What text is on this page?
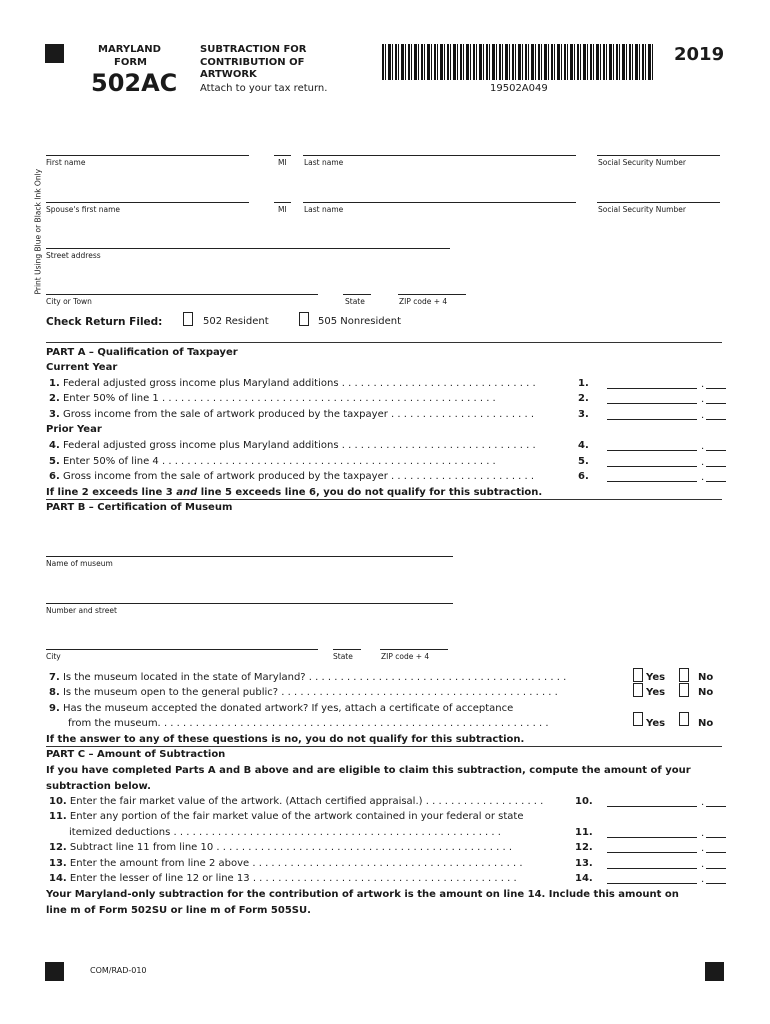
MARYLAND
FORM
502AC
SUBTRACTION FOR
CONTRIBUTION OF
ARTWORK
Attach to your tax return.	19502A049
2019
Print Using Blue or Black Ink Only
First name	MI Last name	Social Security Number
Spouse's first name	MI Last name	Social Security Number
Street address
City or Town	State	ZIP code + 4
Check Return Filed:	502 Resident	505 Nonresident
PART A – Qualification of Taxpayer
Current Year
1. Federal adjusted gross income plus Maryland additions . . . . . . . . . . . . . . . . . . . . . . . . . . . . . . .	1.	.
2. Enter 50% of line 1 . . . . . . . . . . . . . . . . . . . . . . . . . . . . . . . . . . . . . . . . . . . . . . . . . . . . .	2.	.
3. Gross income from the sale of artwork produced by the taxpayer . . . . . . . . . . . . . . . . . . . . . . .	3.	.
4. Federal adjusted gross income plus Maryland additions . . . . . . . . . . . . . . . . . . . . . . . . . . . . . . .	4.	.
5. Enter 50% of line 4 . . . . . . . . . . . . . . . . . . . . . . . . . . . . . . . . . . . . . . . . . . . . . . . . . . . . .	5.	.
6. Gross income from the sale of artwork produced by the taxpayer . . . . . . . . . . . . . . . . . . . . . . .	6.	.
Prior Year
If line 2 exceeds line 3 and line 5 exceeds line 6, you do not qualify for this subtraction.
PART B – Certification of Museum
Name of museum
Number and street
City	State	ZIP code + 4
7. Is the museum located in the state of Maryland? . . . . . . . . . . . . . . . . . . . . . . . . . . . . . . . . . . . . . . . . .	Yes	No
8. Is the museum open to the general public? . . . . . . . . . . . . . . . . . . . . . . . . . . . . . . . . . . . . . . . . . . . .	Yes	No
9. Has the museum accepted the donated artwork? If yes, attach a certificate of acceptance
from the museum. . . . . . . . . . . . . . . . . . . . . . . . . . . . . . . . . . . . . . . . . . . . . . . . . . . . . . . . . . . . . .	Yes	No
If the answer to any of these questions is no, you do not qualify for this subtraction.
PART C – Amount of Subtraction
If you have completed Parts A and B above and are eligible to claim this subtraction, compute the amount of your
subtraction below.
10. Enter the fair market value of the artwork. (Attach certified appraisal.) . . . . . . . . . . . . . . . . . . .	10.	.
11. Enter any portion of the fair market value of the artwork contained in your federal or state
itemized deductions . . . . . . . . . . . . . . . . . . . . . . . . . . . . . . . . . . . . . . . . . . . . . . . . . . . .	11.	.
12. Subtract line 11 from line 10 . . . . . . . . . . . . . . . . . . . . . . . . . . . . . . . . . . . . . . . . . . . . . . .	12.	.
13. Enter the amount from line 2 above . . . . . . . . . . . . . . . . . . . . . . . . . . . . . . . . . . . . . . . . . . .	13.	.
14. Enter the lesser of line 12 or line 13 . . . . . . . . . . . . . . . . . . . . . . . . . . . . . . . . . . . . . . . . . .	14.	.
Your Maryland-only subtraction for the contribution of artwork is the amount on line 14. Include this amount on
line m of Form 502SU or line m of Form 505SU.
COM/RAD-010
